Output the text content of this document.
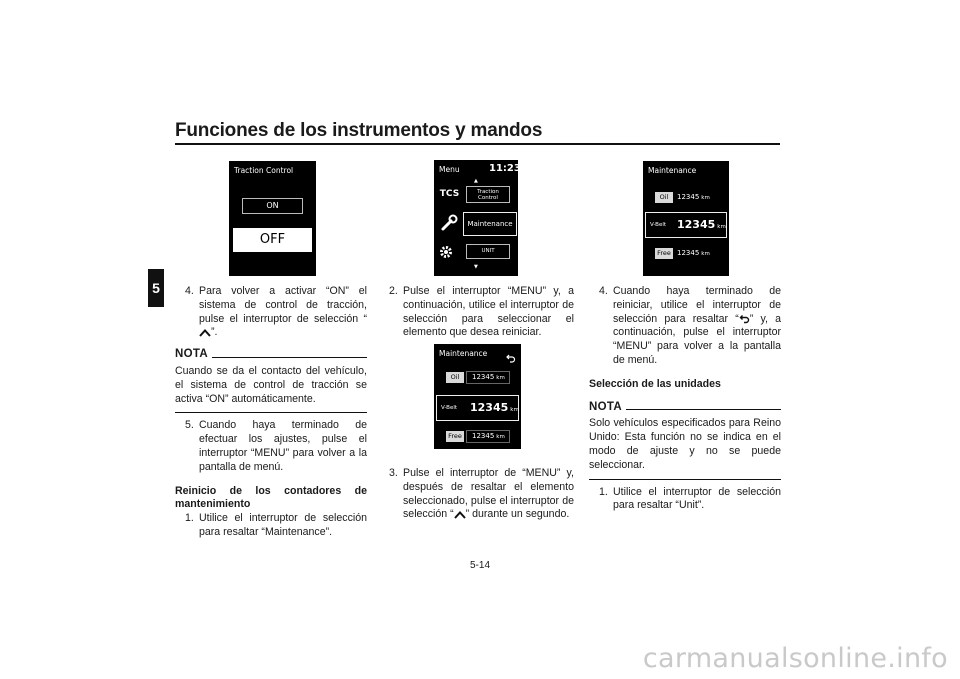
Funciones de los instrumentos y mandos
5
Traction Control
ON
OFF
Menu	11:23
▲
TCS	Traction
Control
Maintenance
UNIT
▼
Maintenance
Oil	12345 km
V-Belt 12345 km
Free 12345 km
Maintenance
Oil	12345 km
V-Belt 12345 km
Free	12345 km
4. Para volver a activar “ON” el sistema de control de tracción, pulse el interruptor de selección “”.
NOTA
Cuando se da el contacto del vehículo, el sistema de control de tracción se activa “ON” automáticamente.
5. Cuando haya terminado de efectuar los ajustes, pulse el interruptor “MENU” para volver a la pantalla de menú.
Reinicio de los contadores de mantenimiento
1. Utilice el interruptor de selección para resaltar “Maintenance”.
2. Pulse el interruptor “MENU” y, a continuación, utilice el interruptor de selección para seleccionar el elemento que desea reiniciar.
3. Pulse el interruptor de “MENU” y, después de resaltar el elemento seleccionado, pulse el interruptor de selección “ ” durante un segundo.
4. Cuando haya terminado de reiniciar, utilice el interruptor de selección para resaltar “ ” y, a continuación, pulse el interruptor “MENU” para volver a la pantalla de menú.
Selección de las unidades
NOTA
Solo vehículos especificados para Reino Unido: Esta función no se indica en el modo de ajuste y no se puede seleccionar.
1. Utilice el interruptor de selección para resaltar “Unit”.
5-14
carmanualsonline.info
